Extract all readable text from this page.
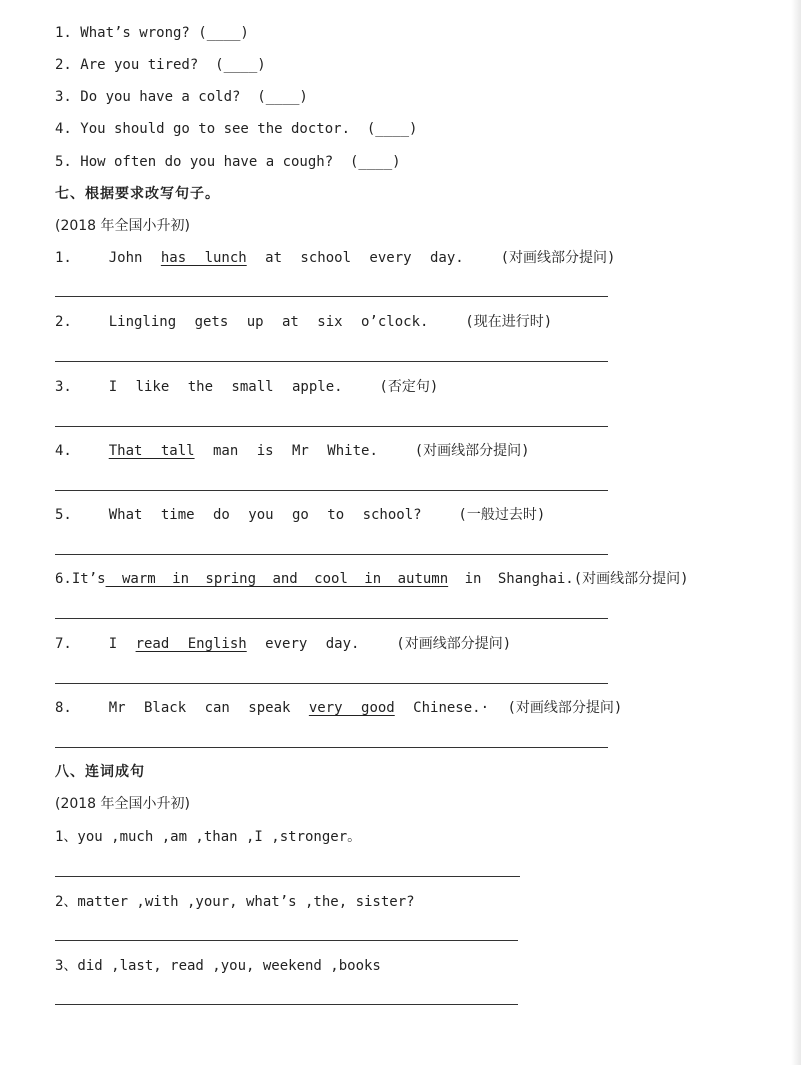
1. What’s wrong? (____)
2. Are you tired?  (____)
3. Do you have a cold?  (____)
4. You should go to see the doctor.  (____)
5. How often do you have a cough?  (____)
七、根据要求改写句子。
(2018 年全国小升初)
1.  John has lunch at school every day.  (对画线部分提问)
2.  Lingling gets up at six o’clock.  (现在进行时)
3.  I like the small apple.  (否定句)
4.  That tall man is Mr White.  (对画线部分提问)
5.  What time do you go to school?  (一般过去时)
6.It’s warm in spring and cool in autumn in Shanghai.(对画线部分提问)
7.  I read English every day.  (对画线部分提问)
8.  Mr Black can speak very good Chinese.· (对画线部分提问)
八、连词成句
(2018 年全国小升初)
1、you ,much ,am ,than ,I ,stronger。
2、matter ,with ,your, what’s ,the, sister?
3、did ,last, read ,you, weekend ,books
